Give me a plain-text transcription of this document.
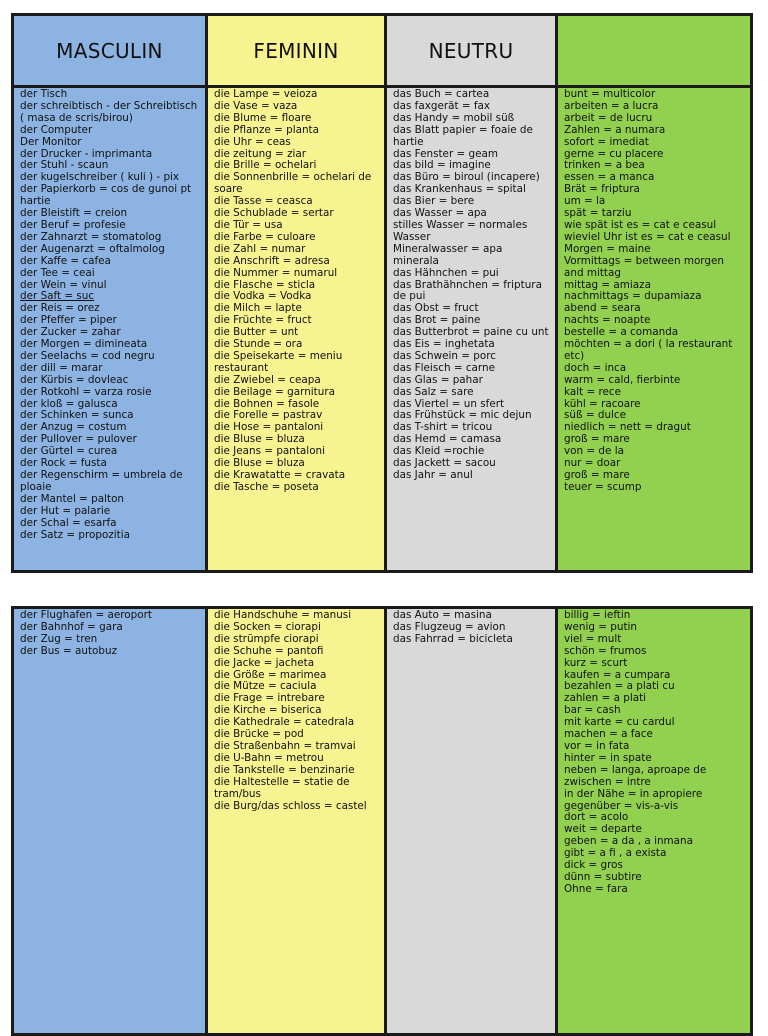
MASCULIN	FEMININ	NEUTRU
der Tisch
der schreibtisch - der Schreibtisch ( masa de scris/birou)
der Computer
Der Monitor
der Drucker - imprimanta
der Stuhl - scaun
der kugelschreiber ( kuli ) - pix
der Papierkorb = cos de gunoi pt hartie
der Bleistift = creion
der Beruf = profesie
der Zahnarzt = stomatolog
der Augenarzt = oftalmolog
der Kaffe = cafea
der Tee = ceai
der Wein = vinul
der Saft = suc
der Reis = orez
der Pfeffer = piper
der Zucker = zahar
der Morgen = dimineata
der Seelachs = cod negru
der dill = marar
der Kürbis = dovleac
der Rotkohl = varza rosie
der kloß = galusca
der Schinken = sunca
der Anzug = costum
der Pullover = pulover
der Gürtel = curea
der Rock = fusta
der Regenschirm = umbrela de ploaie
der Mantel = palton
der Hut = palarie
der Schal = esarfa
der Satz = propozitia
die Lampe = veioza
die Vase = vaza
die Blume = floare
die Pflanze = planta
die Uhr = ceas
die zeitung = ziar
die Brille = ochelari
die Sonnenbrille = ochelari de soare
die Tasse = ceasca
die Schublade = sertar
die Tür = usa
die Farbe = culoare
die Zahl = numar
die Anschrift = adresa
die Nummer = numarul
die Flasche = sticla
die Vodka = Vodka
die Milch = lapte
die Früchte = fruct
die Butter = unt
die Stunde = ora
die Speisekarte = meniu restaurant
die Zwiebel = ceapa
die Beilage = garnitura
die Bohnen = fasole
die Forelle = pastrav
die Hose = pantaloni
die Bluse = bluza
die Jeans = pantaloni
die Bluse = bluza
die Krawatatte = cravata
die Tasche = poseta
das Buch = cartea
das faxgerät = fax
das Handy = mobil süß
das Blatt papier = foaie de hartie
das Fenster = geam
das bild = imagine
das Büro = biroul (incapere)
das Krankenhaus = spital
das Bier = bere
das Wasser = apa
stilles Wasser = normales Wasser
Mineralwasser = apa minerala
das Hähnchen = pui
das Brathähnchen = friptura de pui
das Obst = fruct
das Brot = paine
das Butterbrot = paine cu unt
das Eis = inghetata
das Schwein = porc
das Fleisch = carne
das Glas = pahar
das Salz = sare
das Viertel = un sfert
das Frühstück = mic dejun
das T-shirt = tricou
das Hemd = camasa
das Kleid =rochie
das Jackett = sacou
das Jahr = anul
bunt = multicolor
arbeiten = a lucra
arbeit = de lucru
Zahlen = a numara
sofort = imediat
gerne = cu placere
trinken = a bea
essen = a manca
Brät = friptura
um = la
spät = tarziu
wie spät ist es = cat e ceasul
wieviel Uhr ist es = cat e ceasul
Morgen = maine
Vormittags = between morgen and mittag
mittag = amiaza
nachmittags = dupamiaza
abend = seara
nachts = noapte
bestelle = a comanda
möchten = a dori ( la restaurant etc)
doch = inca
warm = cald, fierbinte
kalt = rece
kühl = racoare
süß = dulce
niedlich = nett = dragut
groß = mare
von = de la
nur = doar
groß = mare
teuer = scump
der Flughafen = aeroport
der Bahnhof = gara
der Zug = tren
der Bus = autobuz
die Handschuhe = manusi
die Socken = ciorapi
die strümpfe ciorapi
die Schuhe = pantofi
die Jacke = jacheta
die Größe = marimea
die Mütze = caciula
die Frage = intrebare
die Kirche = biserica
die Kathedrale = catedrala
die Brücke = pod
die Straßenbahn = tramvai
die U-Bahn = metrou
die Tankstelle = benzinarie
die Haltestelle = statie de tram/bus
die Burg/das schloss = castel
das Auto = masina
das Flugzeug = avion
das Fahrrad = bicicleta
billig = ieftin
wenig = putin
viel = mult
schön = frumos
kurz = scurt
kaufen = a cumpara
bezahlen = a plati cu
zahlen = a plati
bar = cash
mit karte = cu cardul
machen = a face
vor = in fata
hinter = in spate
neben = langa, aproape de
zwischen = intre
in der Nähe = in apropiere
gegenüber = vis-a-vis
dort = acolo
weit = departe
geben = a da , a inmana
gibt = a fi , a exista
dick = gros
dünn = subtire
Ohne = fara
